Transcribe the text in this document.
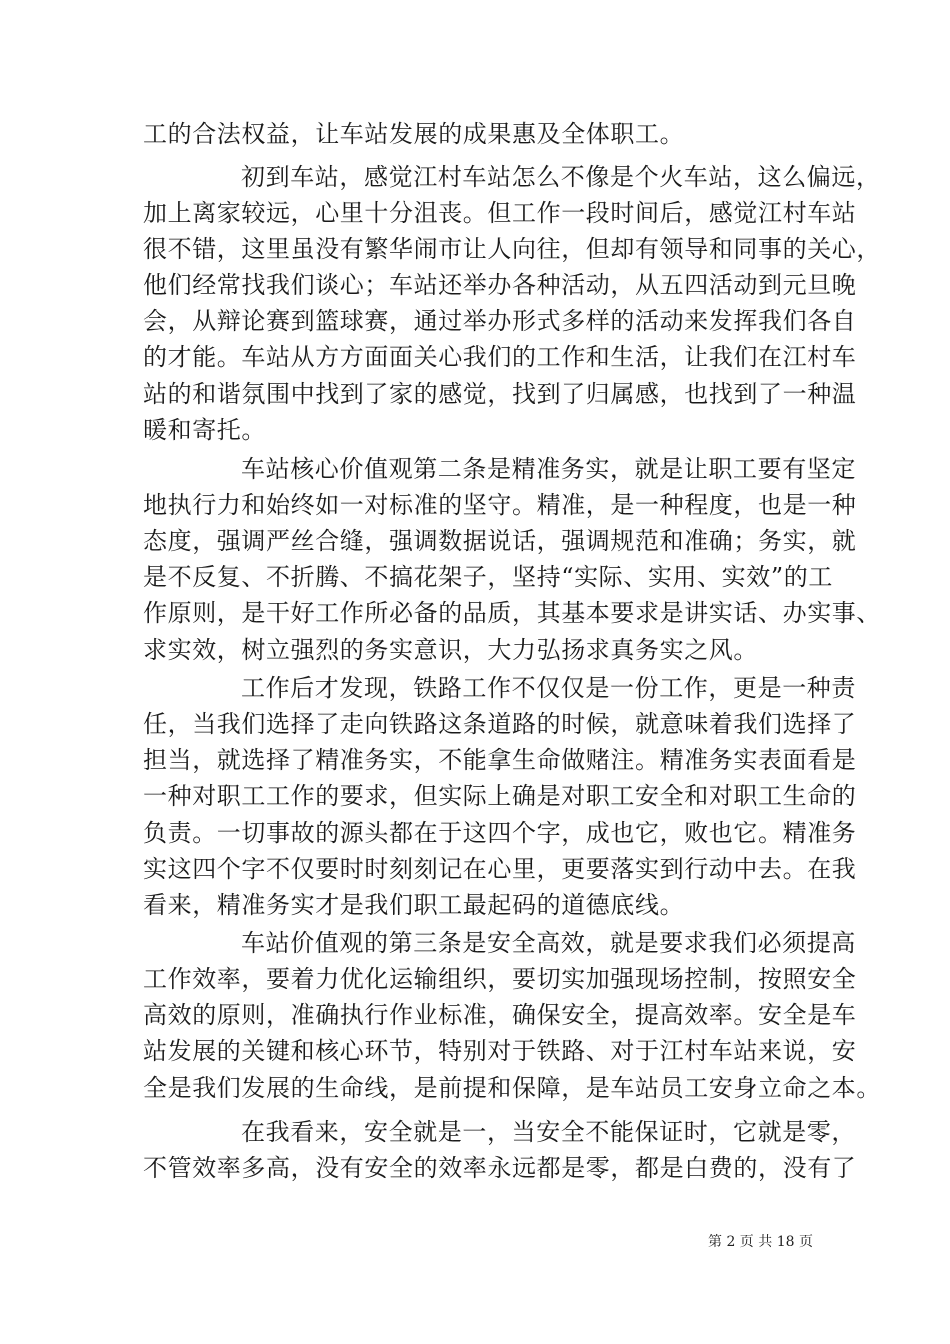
工的合法权益，让车站发展的成果惠及全体职工。
初到车站，感觉江村车站怎么不像是个火车站，这么偏远，
加上离家较远，心里十分沮丧。但工作一段时间后，感觉江村车站
很不错，这里虽没有繁华闹市让人向往，但却有领导和同事的关心，
他们经常找我们谈心；车站还举办各种活动，从五四活动到元旦晚
会，从辩论赛到篮球赛，通过举办形式多样的活动来发挥我们各自
的才能。车站从方方面面关心我们的工作和生活，让我们在江村车
站的和谐氛围中找到了家的感觉，找到了归属感，也找到了一种温
暖和寄托。
车站核心价值观第二条是精准务实，就是让职工要有坚定
地执行力和始终如一对标准的坚守。精准，是一种程度，也是一种
态度，强调严丝合缝，强调数据说话，强调规范和准确；务实，就
是不反复、不折腾、不搞花架子，坚持“实际、实用、实效”的工
作原则，是干好工作所必备的品质，其基本要求是讲实话、办实事、
求实效，树立强烈的务实意识，大力弘扬求真务实之风。
工作后才发现，铁路工作不仅仅是一份工作，更是一种责
任，当我们选择了走向铁路这条道路的时候，就意味着我们选择了
担当，就选择了精准务实，不能拿生命做赌注。精准务实表面看是
一种对职工工作的要求，但实际上确是对职工安全和对职工生命的
负责。一切事故的源头都在于这四个字，成也它，败也它。精准务
实这四个字不仅要时时刻刻记在心里，更要落实到行动中去。在我
看来，精准务实才是我们职工最起码的道德底线。
车站价值观的第三条是安全高效，就是要求我们必须提高
工作效率，要着力优化运输组织，要切实加强现场控制，按照安全
高效的原则，准确执行作业标准，确保安全，提高效率。安全是车
站发展的关键和核心环节，特别对于铁路、对于江村车站来说，安
全是我们发展的生命线，是前提和保障，是车站员工安身立命之本。
在我看来，安全就是一，当安全不能保证时，它就是零，
不管效率多高，没有安全的效率永远都是零，都是白费的，没有了
第 2 页 共 18 页
